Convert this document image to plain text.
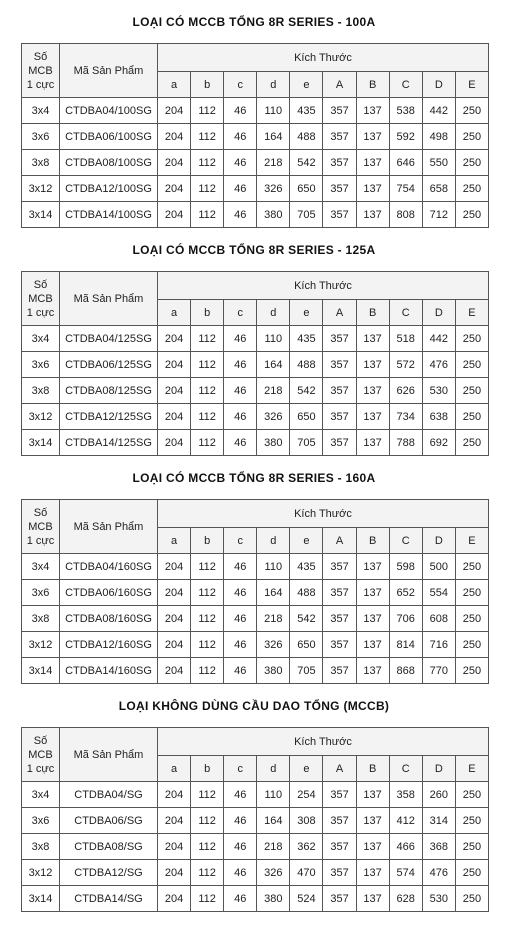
LOẠI CÓ MCCB TỔNG 8R SERIES - 100A
Số
MCB
1 cực	Mã Sản Phẩm	Kích Thước									
		a	b	c	d	e	A	B	C	D	E
3x4	CTDBA04/100SG	204	112	46	110	435	357	137	538	442	250
3x6	CTDBA06/100SG	204	112	46	164	488	357	137	592	498	250
3x8	CTDBA08/100SG	204	112	46	218	542	357	137	646	550	250
3x12	CTDBA12/100SG	204	112	46	326	650	357	137	754	658	250
3x14	CTDBA14/100SG	204	112	46	380	705	357	137	808	712	250
LOẠI CÓ MCCB TỔNG 8R SERIES - 125A
Số
MCB
1 cực	Mã Sản Phẩm	Kích Thước									
		a	b	c	d	e	A	B	C	D	E
3x4	CTDBA04/125SG	204	112	46	110	435	357	137	518	442	250
3x6	CTDBA06/125SG	204	112	46	164	488	357	137	572	476	250
3x8	CTDBA08/125SG	204	112	46	218	542	357	137	626	530	250
3x12	CTDBA12/125SG	204	112	46	326	650	357	137	734	638	250
3x14	CTDBA14/125SG	204	112	46	380	705	357	137	788	692	250
LOẠI CÓ MCCB TỔNG 8R SERIES - 160A
Số
MCB
1 cực	Mã Sản Phẩm	Kích Thước									
		a	b	c	d	e	A	B	C	D	E
3x4	CTDBA04/160SG	204	112	46	110	435	357	137	598	500	250
3x6	CTDBA06/160SG	204	112	46	164	488	357	137	652	554	250
3x8	CTDBA08/160SG	204	112	46	218	542	357	137	706	608	250
3x12	CTDBA12/160SG	204	112	46	326	650	357	137	814	716	250
3x14	CTDBA14/160SG	204	112	46	380	705	357	137	868	770	250
LOẠI KHÔNG DÙNG CẦU DAO TỔNG (MCCB)
Số
MCB
1 cực	Mã Sản Phẩm	Kích Thước									
		a	b	c	d	e	A	B	C	D	E
3x4	CTDBA04/SG	204	112	46	110	254	357	137	358	260	250
3x6	CTDBA06/SG	204	112	46	164	308	357	137	412	314	250
3x8	CTDBA08/SG	204	112	46	218	362	357	137	466	368	250
3x12	CTDBA12/SG	204	112	46	326	470	357	137	574	476	250
3x14	CTDBA14/SG	204	112	46	380	524	357	137	628	530	250
